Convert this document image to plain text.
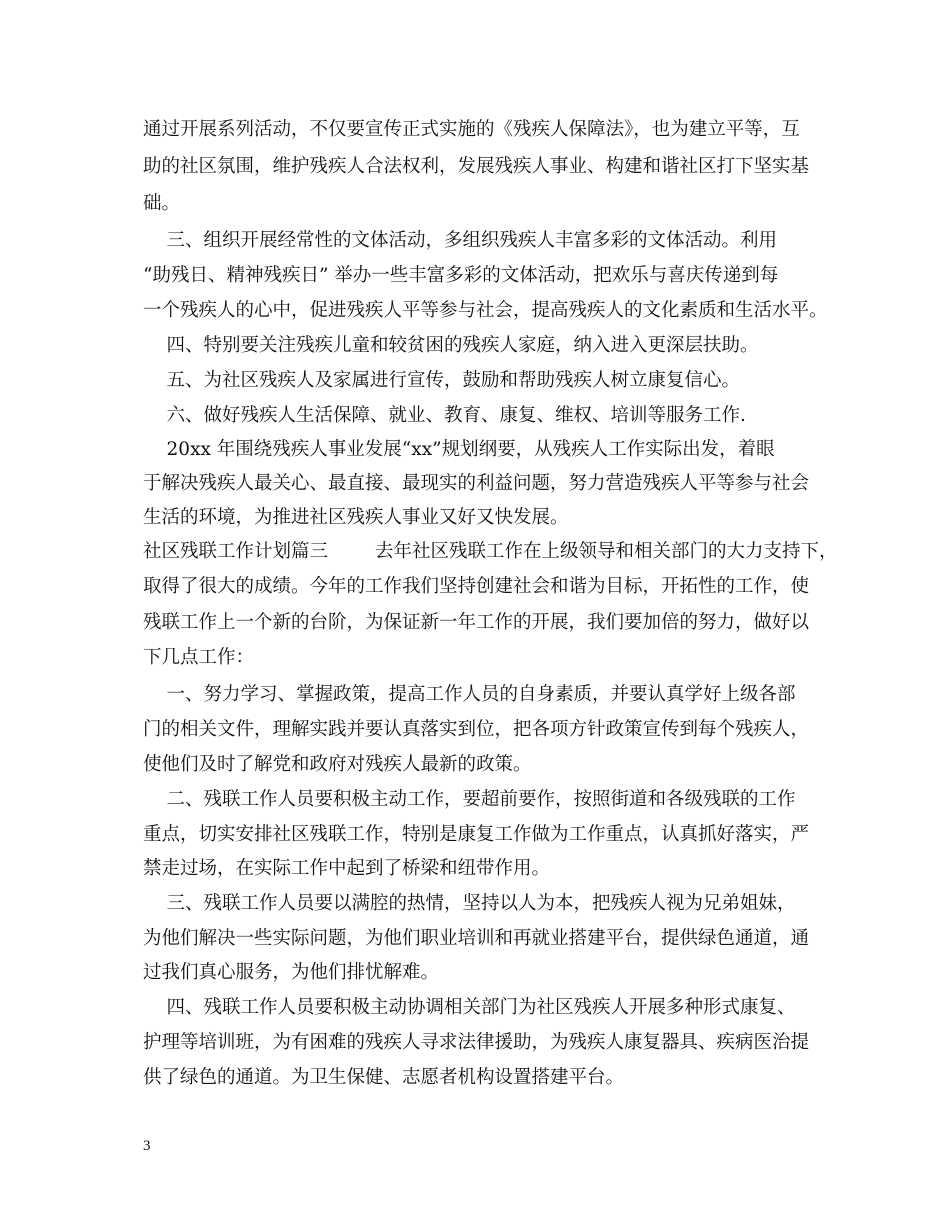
通过开展系列活动，不仅要宣传正式实施的《残疾人保障法》，也为建立平等，互
助的社区氛围，维护残疾人合法权利，发展残疾人事业、构建和谐社区打下坚实基
础。
三、组织开展经常性的文体活动，多组织残疾人丰富多彩的文体活动。利用
“助残日、精神残疾日” 举办一些丰富多彩的文体活动，把欢乐与喜庆传递到每
一个残疾人的心中，促进残疾人平等参与社会，提高残疾人的文化素质和生活水平。
四、特别要关注残疾儿童和较贫困的残疾人家庭，纳入进入更深层扶助。
五、为社区残疾人及家属进行宣传，鼓励和帮助残疾人树立康复信心。
六、做好残疾人生活保障、就业、教育、康复、维权、培训等服务工作.
20xx 年围绕残疾人事业发展“xx”规划纲要，从残疾人工作实际出发，着眼
于解决残疾人最关心、最直接、最现实的利益问题，努力营造残疾人平等参与社会
生活的环境，为推进社区残疾人事业又好又快发展。
社区残联工作计划篇三        去年社区残联工作在上级领导和相关部门的大力支持下，
取得了很大的成绩。今年的工作我们坚持创建社会和谐为目标，开拓性的工作，使
残联工作上一个新的台阶，为保证新一年工作的开展，我们要加倍的努力，做好以
下几点工作：
一、努力学习、掌握政策，提高工作人员的自身素质，并要认真学好上级各部
门的相关文件，理解实践并要认真落实到位，把各项方针政策宣传到每个残疾人，
使他们及时了解党和政府对残疾人最新的政策。
二、残联工作人员要积极主动工作，要超前要作，按照街道和各级残联的工作
重点，切实安排社区残联工作，特别是康复工作做为工作重点，认真抓好落实，严
禁走过场，在实际工作中起到了桥梁和纽带作用。
三、残联工作人员要以满腔的热情，坚持以人为本，把残疾人视为兄弟姐妹，
为他们解决一些实际问题，为他们职业培训和再就业搭建平台，提供绿色通道，通
过我们真心服务，为他们排忧解难。
四、残联工作人员要积极主动协调相关部门为社区残疾人开展多种形式康复、
护理等培训班，为有困难的残疾人寻求法律援助，为残疾人康复器具、疾病医治提
供了绿色的通道。为卫生保健、志愿者机构设置搭建平台。
3
